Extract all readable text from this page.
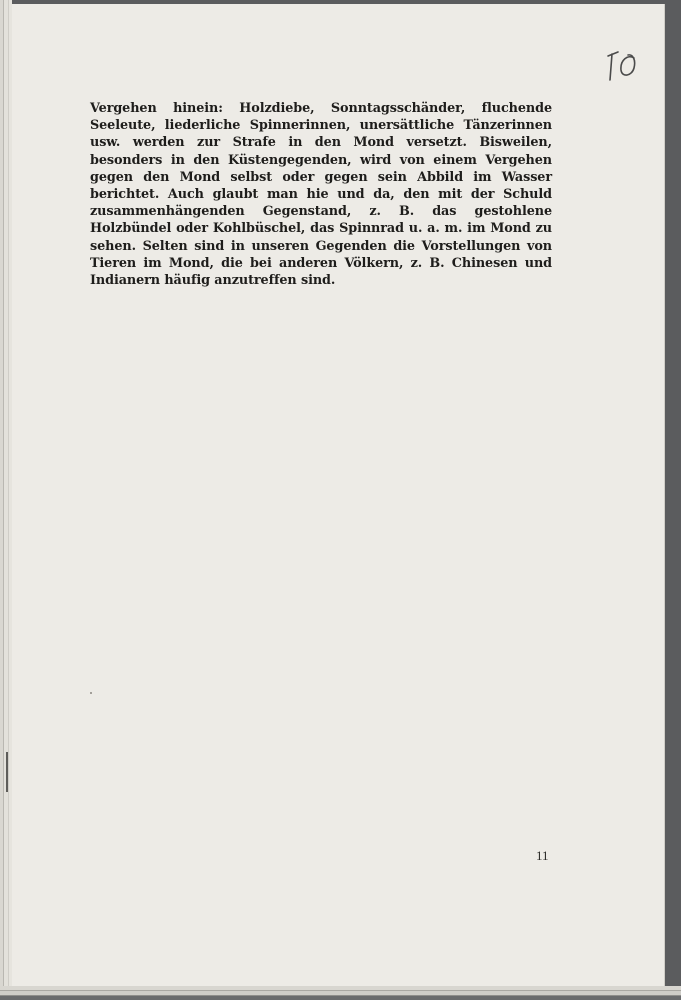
70

Vergehen hinein: Holzdiebe, Sonntagsschänder, fluchende Seeleute, liederliche Spinnerinnen, unersättliche Tänzerinnen usw. werden zur Strafe in den Mond versetzt. Bisweilen, besonders in den Küstengegenden, wird von einem Vergehen gegen den Mond selbst oder gegen sein Abbild im Wasser berichtet. Auch glaubt man hie und da, den mit der Schuld zusammenhängenden Gegenstand, z. B. das gestohlene Holzbündel oder Kohlbüschel, das Spinnrad u. a. m. im Mond zu sehen. Selten sind in unseren Gegenden die Vorstellungen von Tieren im Mond, die bei anderen Völkern, z. B. Chinesen und Indianern häufig anzutreffen sind.

11
